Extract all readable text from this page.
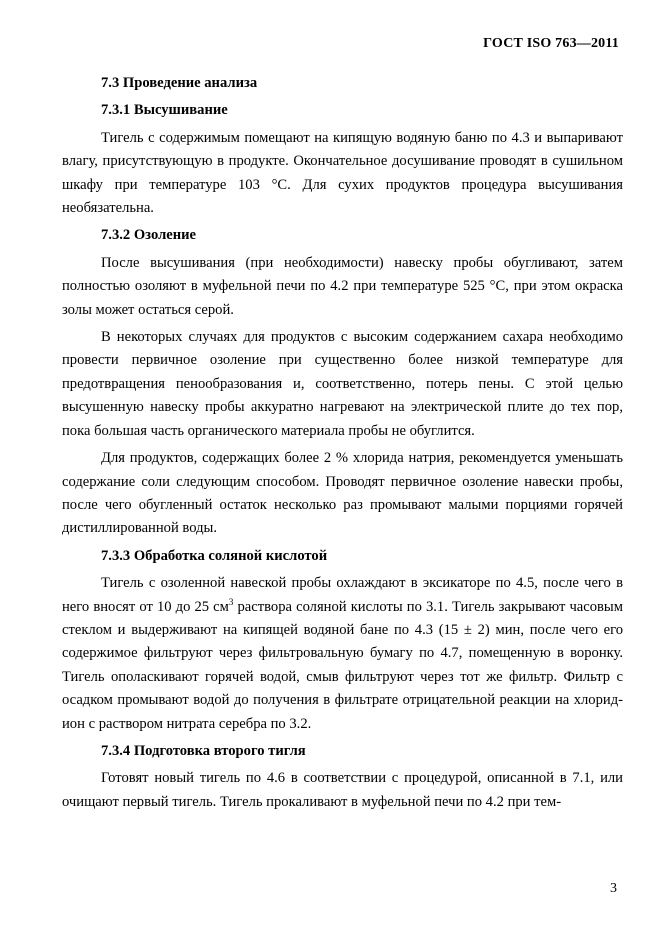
ГОСТ ISO 763—2011
7.3 Проведение анализа
7.3.1 Высушивание

Тигель с содержимым помещают на кипящую водяную баню по 4.3 и выпаривают влагу, присутствующую в продукте. Окончательное досушивание проводят в сушильном шкафу при температуре 103 °С. Для сухих продуктов процедура высушивания необязательна.

7.3.2 Озоление

После высушивания (при необходимости) навеску пробы обугливают, затем полностью озоляют в муфельной печи по 4.2 при температуре 525 °С, при этом окраска золы может остаться серой.

В некоторых случаях для продуктов с высоким содержанием сахара необходимо провести первичное озоление при существенно более низкой температуре для предотвращения пенообразования и, соответственно, потерь пены. С этой целью высушенную навеску пробы аккуратно нагревают на электрической плите до тех пор, пока большая часть органического материала пробы не обуглится.

Для продуктов, содержащих более 2 % хлорида натрия, рекомендуется уменьшать содержание соли следующим способом. Проводят первичное озоление навески пробы, после чего обугленный остаток несколько раз промывают малыми порциями горячей дистиллированной воды.

7.3.3 Обработка соляной кислотой

Тигель с озоленной навеской пробы охлаждают в эксикаторе по 4.5, после чего в него вносят от 10 до 25 $см^3$ раствора соляной кислоты по 3.1. Тигель закрывают часовым стеклом и выдерживают на кипящей водяной бане по 4.3 (15 ± 2) мин, после чего его содержимое фильтруют через фильтровальную бумагу по 4.7, помещенную в воронку. Тигель ополаскивают горячей водой, смыв фильтруют через тот же фильтр. Фильтр с осадком промывают водой до получения в фильтрате отрицательной реакции на хлорид-ион с раствором нитрата серебра по 3.2.

7.3.4 Подготовка второго тигля

Готовят новый тигель по 4.6 в соответствии с процедурой, описанной в 7.1, или очищают первый тигель. Тигель прокаливают в муфельной печи по 4.2 при тем-

3
